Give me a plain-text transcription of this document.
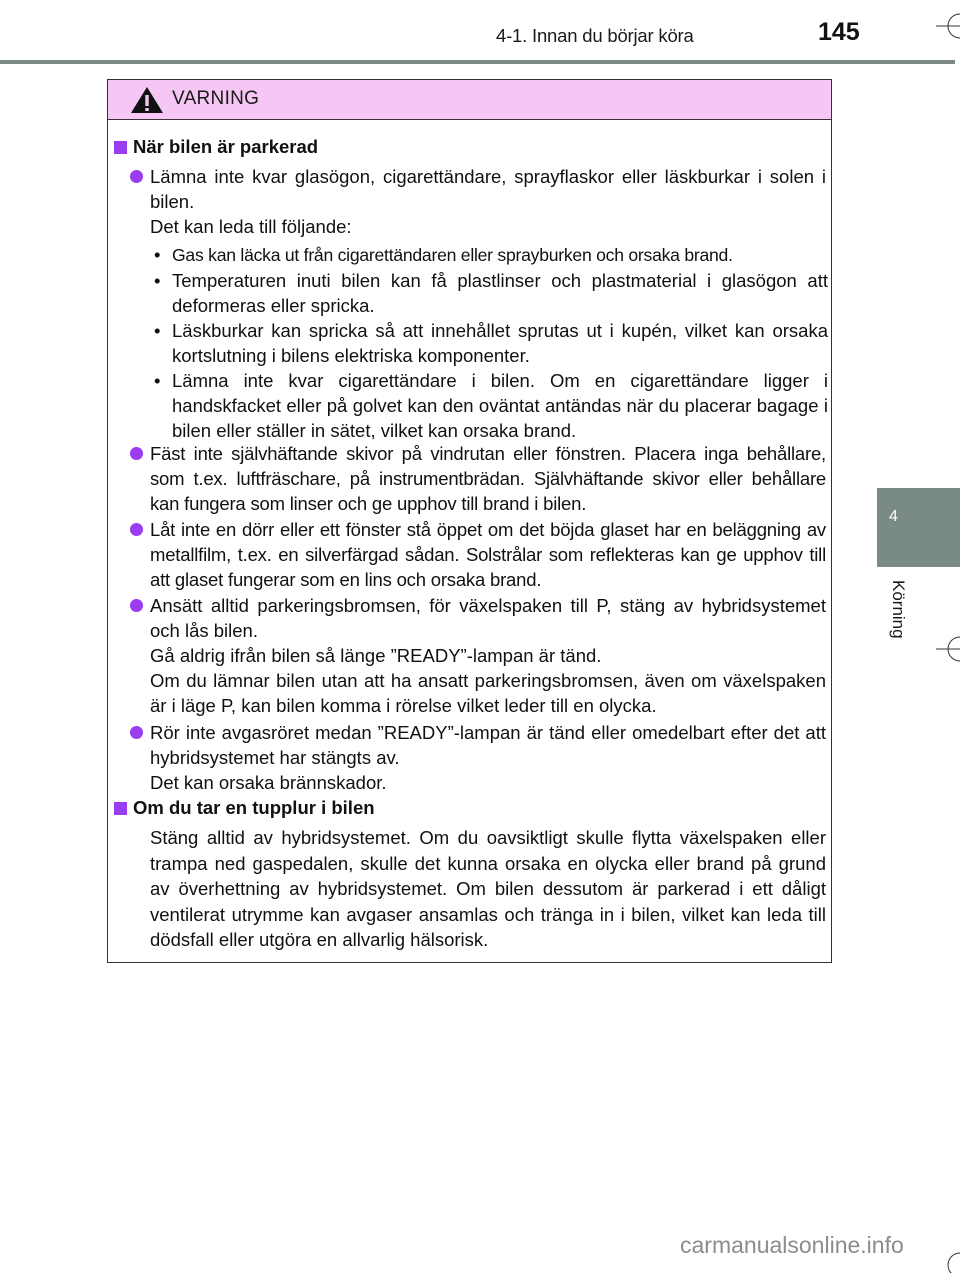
4-1. Innan du börjar köra	145
4
Körning
VARNING
När bilen är parkerad

Lämna inte kvar glasögon, cigarettändare, sprayflaskor eller läskburkar i solen i bilen.

Det kan leda till följande:

• Gas kan läcka ut från cigarettändaren eller sprayburken och orsaka brand.
• Temperaturen inuti bilen kan få plastlinser och plastmaterial i glasögon att deformeras eller spricka.
• Läskburkar kan spricka så att innehållet sprutas ut i kupén, vilket kan orsaka kortslutning i bilens elektriska komponenter.
• Lämna inte kvar cigarettändare i bilen. Om en cigarettändare ligger i handskfacket eller på golvet kan den oväntat antändas när du placerar bagage i bilen eller ställer in sätet, vilket kan orsaka brand.

Fäst inte självhäftande skivor på vindrutan eller fönstren. Placera inga behållare, som t.ex. luftfräschare, på instrumentbrädan. Självhäftande skivor eller behållare kan fungera som linser och ge upphov till brand i bilen.

Låt inte en dörr eller ett fönster stå öppet om det böjda glaset har en beläggning av metallfilm, t.ex. en silverfärgad sådan. Solstrålar som reflekteras kan ge upphov till att glaset fungerar som en lins och orsaka brand.

Ansätt alltid parkeringsbromsen, för växelspaken till P, stäng av hybridsystemet och lås bilen.

Gå aldrig ifrån bilen så länge ”READY”-lampan är tänd.

Om du lämnar bilen utan att ha ansatt parkeringsbromsen, även om växelspaken är i läge P, kan bilen komma i rörelse vilket leder till en olycka.

Rör inte avgasröret medan ”READY”-lampan är tänd eller omedelbart efter det att hybridsystemet har stängts av.

Det kan orsaka brännskador.

Om du tar en tupplur i bilen
Stäng alltid av hybridsystemet. Om du oavsiktligt skulle flytta växelspaken eller trampa ned gaspedalen, skulle det kunna orsaka en olycka eller brand på grund av överhettning av hybridsystemet. Om bilen dessutom är parkerad i ett dåligt ventilerat utrymme kan avgaser ansamlas och tränga in i bilen, vilket kan leda till dödsfall eller utgöra en allvarlig hälsorisk.
carmanualsonline.info
